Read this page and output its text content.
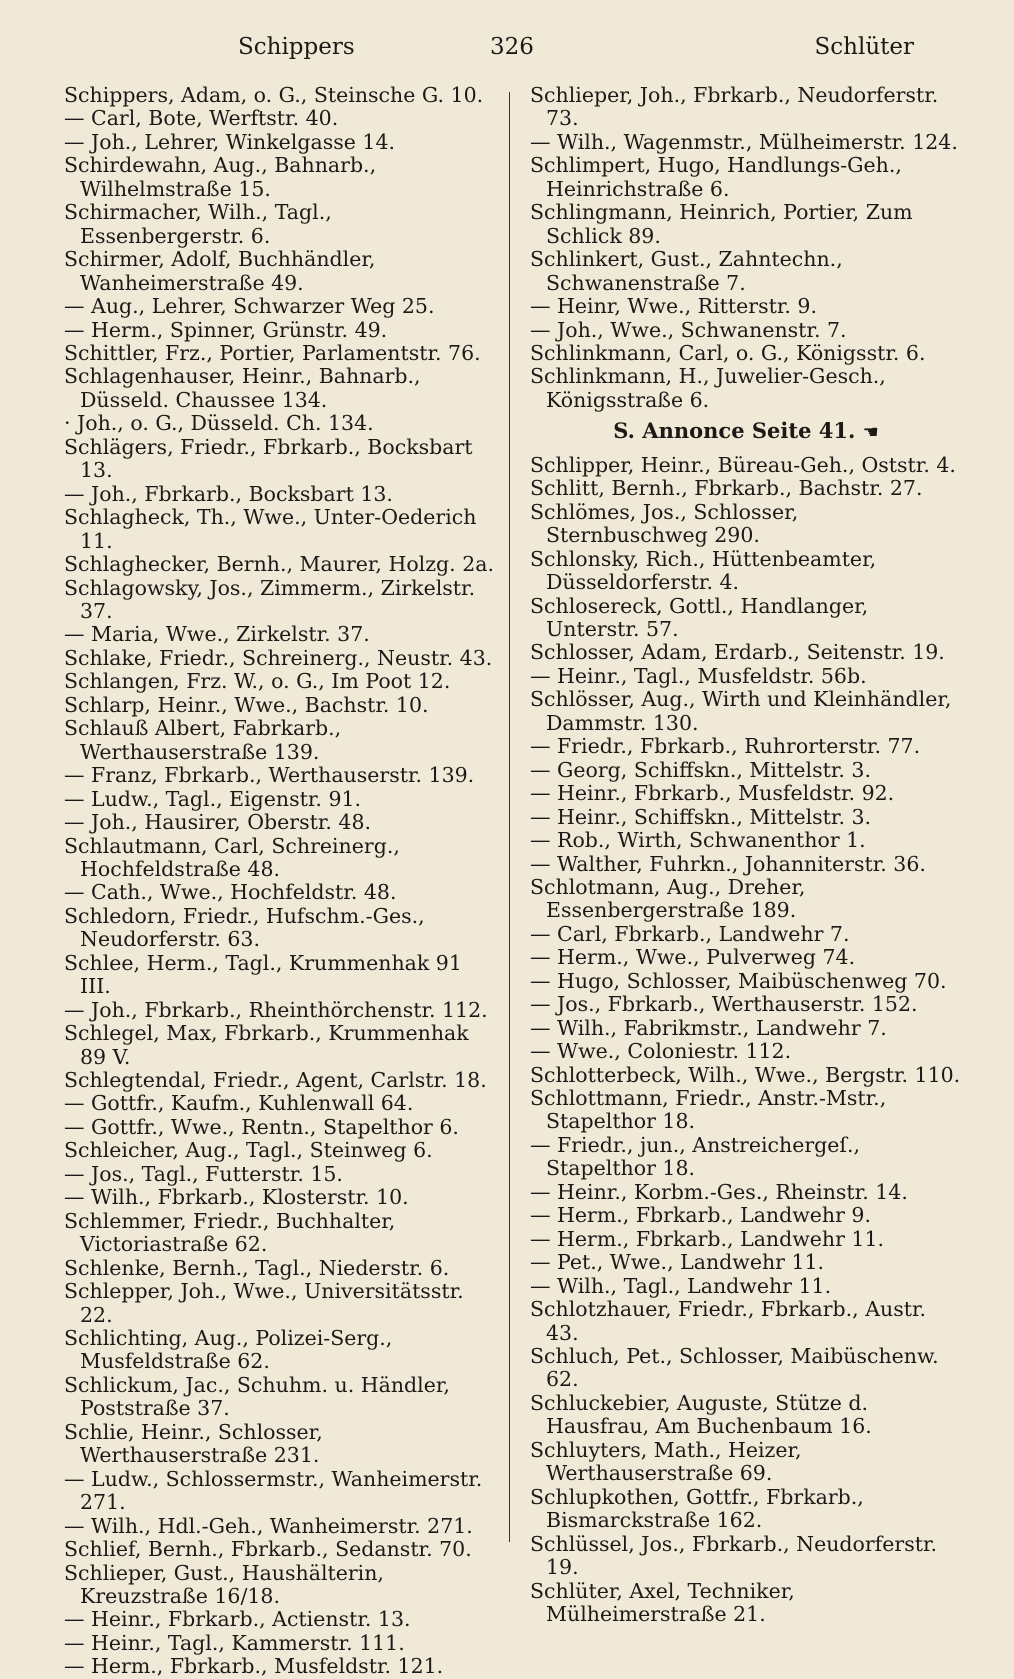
Schippers	326	Schlüter

Schippers, Adam, o. G., Steinsche G. 10.

— Carl, Bote, Werftstr. 40.

— Joh., Lehrer, Winkelgasse 14.

Schirdewahn, Aug., Bahnarb., Wilhelmstraße 15.

Schirmacher, Wilh., Tagl., Essenbergerstr. 6.

Schirmer, Adolf, Buchhändler, Wanheimerstraße 49.

— Aug., Lehrer, Schwarzer Weg 25.

— Herm., Spinner, Grünstr. 49.

Schittler, Frz., Portier, Parlamentstr. 76.

Schlagenhauser, Heinr., Bahnarb., Düsseld. Chaussee 134.

· Joh., o. G., Düsseld. Ch. 134.

Schlägers, Friedr., Fbrkarb., Bocksbart 13.

— Joh., Fbrkarb., Bocksbart 13.

Schlagheck, Th., Wwe., Unter-Oederich 11.

Schlaghecker, Bernh., Maurer, Holzg. 2a.

Schlagowsky, Jos., Zimmerm., Zirkelstr. 37.

— Maria, Wwe., Zirkelstr. 37.

Schlake, Friedr., Schreinerg., Neustr. 43.

Schlangen, Frz. W., o. G., Im Poot 12.

Schlarp, Heinr., Wwe., Bachstr. 10.

Schlauß Albert, Fabrkarb., Werthauserstraße 139.

— Franz, Fbrkarb., Werthauserstr. 139.

— Ludw., Tagl., Eigenstr. 91.

— Joh., Hausirer, Oberstr. 48.

Schlautmann, Carl, Schreinerg., Hochfeldstraße 48.

— Cath., Wwe., Hochfeldstr. 48.

Schledorn, Friedr., Hufschm.-Ges., Neudorferstr. 63.

Schlee, Herm., Tagl., Krummenhak 91 III.

— Joh., Fbrkarb., Rheinthörchenstr. 112.

Schlegel, Max, Fbrkarb., Krummenhak 89 V.

Schlegtendal, Friedr., Agent, Carlstr. 18.

— Gottfr., Kaufm., Kuhlenwall 64.

— Gottfr., Wwe., Rentn., Stapelthor 6.

Schleicher, Aug., Tagl., Steinweg 6.

— Jos., Tagl., Futterstr. 15.

— Wilh., Fbrkarb., Klosterstr. 10.

Schlemmer, Friedr., Buchhalter, Victoriastraße 62.

Schlenke, Bernh., Tagl., Niederstr. 6.

Schlepper, Joh., Wwe., Universitätsstr. 22.

Schlichting, Aug., Polizei-Serg., Musfeldstraße 62.

Schlickum, Jac., Schuhm. u. Händler, Poststraße 37.

Schlie, Heinr., Schlosser, Werthauserstraße 231.

— Ludw., Schlossermstr., Wanheimerstr. 271.

— Wilh., Hdl.-Geh., Wanheimerstr. 271.

Schlief, Bernh., Fbrkarb., Sedanstr. 70.

Schlieper, Gust., Haushälterin, Kreuzstraße 16/18.

— Heinr., Fbrkarb., Actienstr. 13.

— Heinr., Tagl., Kammerstr. 111.

— Herm., Fbrkarb., Musfeldstr. 121.

Schlieper, Joh., Fbrkarb., Neudorferstr. 73.

— Wilh., Wagenmstr., Mülheimerstr. 124.

Schlimpert, Hugo, Handlungs-Geh., Heinrichstraße 6.

Schlingmann, Heinrich, Portier, Zum Schlick 89.

Schlinkert, Gust., Zahntechn., Schwanenstraße 7.

— Heinr, Wwe., Ritterstr. 9.

— Joh., Wwe., Schwanenstr. 7.

Schlinkmann, Carl, o. G., Königsstr. 6.

Schlinkmann, H., Juwelier-Gesch., Königsstraße 6.

S. Annonce Seite 41. ☚

Schlipper, Heinr., Büreau-Geh., Oststr. 4.

Schlitt, Bernh., Fbrkarb., Bachstr. 27.

Schlömes, Jos., Schlosser, Sternbuschweg 290.

Schlonsky, Rich., Hüttenbeamter, Düsseldorferstr. 4.

Schlosereck, Gottl., Handlanger, Unterstr. 57.

Schlosser, Adam, Erdarb., Seitenstr. 19.

— Heinr., Tagl., Musfeldstr. 56b.

Schlösser, Aug., Wirth und Kleinhändler, Dammstr. 130.

— Friedr., Fbrkarb., Ruhrorterstr. 77.

— Georg, Schiffskn., Mittelstr. 3.

— Heinr., Fbrkarb., Musfeldstr. 92.

— Heinr., Schiffskn., Mittelstr. 3.

— Rob., Wirth, Schwanenthor 1.

— Walther, Fuhrkn., Johanniterstr. 36.

Schlotmann, Aug., Dreher, Essenbergerstraße 189.

— Carl, Fbrkarb., Landwehr 7.

— Herm., Wwe., Pulverweg 74.

— Hugo, Schlosser, Maibüschenweg 70.

— Jos., Fbrkarb., Werthauserstr. 152.

— Wilh., Fabrikmstr., Landwehr 7.

— Wwe., Coloniestr. 112.

Schlotterbeck, Wilh., Wwe., Bergstr. 110.

Schlottmann, Friedr., Anstr.-Mstr., Stapelthor 18.

— Friedr., jun., Anstreichergeſ., Stapelthor 18.

— Heinr., Korbm.-Ges., Rheinstr. 14.

— Herm., Fbrkarb., Landwehr 9.

— Herm., Fbrkarb., Landwehr 11.

— Pet., Wwe., Landwehr 11.

— Wilh., Tagl., Landwehr 11.

Schlotzhauer, Friedr., Fbrkarb., Austr. 43.

Schluch, Pet., Schlosser, Maibüschenw. 62.

Schluckebier, Auguste, Stütze d. Hausfrau, Am Buchenbaum 16.

Schluyters, Math., Heizer, Werthauserstraße 69.

Schlupkothen, Gottfr., Fbrkarb., Bismarckstraße 162.

Schlüssel, Jos., Fbrkarb., Neudorferstr. 19.

Schlüter, Axel, Techniker, Mülheimerstraße 21.
